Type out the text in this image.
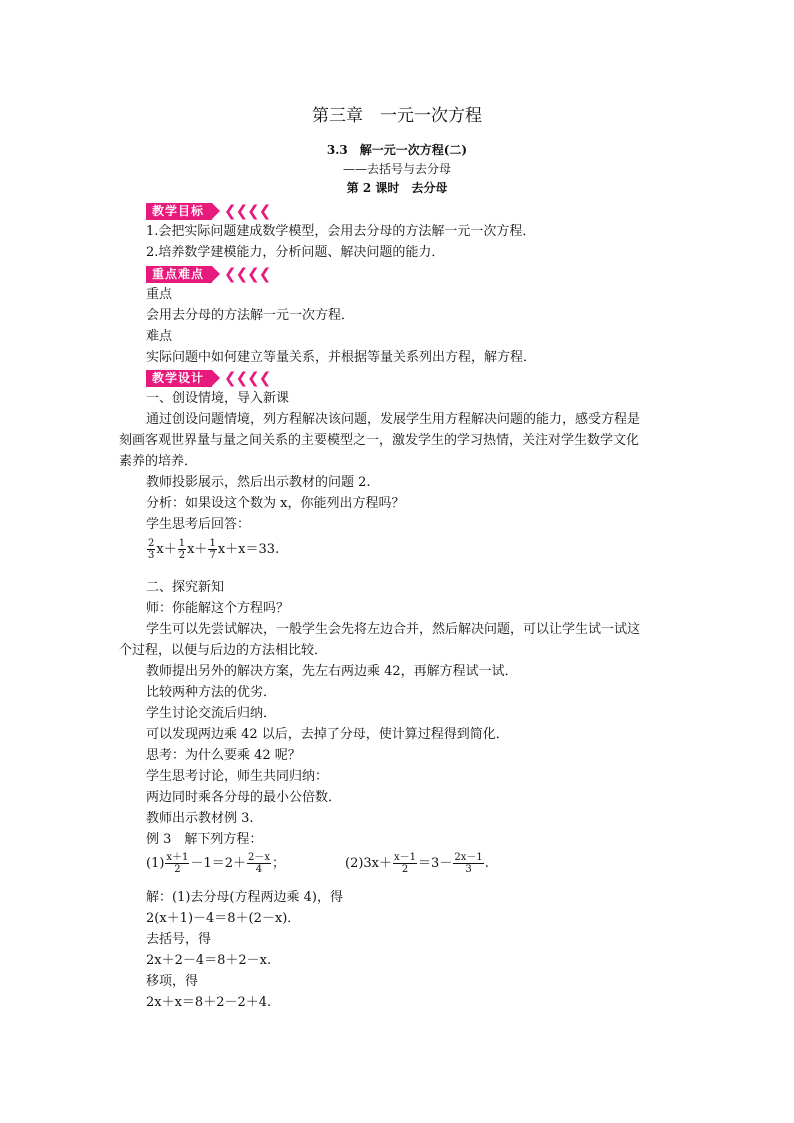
第三章　一元一次方程
3.3　解一元一次方程(二)
——去括号与去分母
第 2 课时　去分母
教学目标	❮❮❮❮
1.会把实际问题建成数学模型，会用去分母的方法解一元一次方程．
2.培养数学建模能力，分析问题、解决问题的能力．
重点难点	❮❮❮❮
重点
会用去分母的方法解一元一次方程．
难点
实际问题中如何建立等量关系，并根据等量关系列出方程，解方程．
教学设计	❮❮❮❮
一、创设情境，导入新课
通过创设问题情境，列方程解决该问题，发展学生用方程解决问题的能力，感受方程是
刻画客观世界量与量之间关系的主要模型之一，激发学生的学习热情，关注对学生数学文化
素养的培养．
教师投影展示，然后出示教材的问题 2.
分析：如果设这个数为 x，你能列出方程吗？
学生思考后回答：
$\frac{2}{3} x+ \frac{1}{2} x+ \frac{1}{7} x+x=33$.
二、探究新知
师：你能解这个方程吗？
学生可以先尝试解决，一般学生会先将左边合并，然后解决问题，可以让学生试一试这
个过程，以便与后边的方法相比较．
教师提出另外的解决方案，先左右两边乘 42，再解方程试一试．
比较两种方法的优劣．
学生讨论交流后归纳．
可以发现两边乘 42 以后，去掉了分母，使计算过程得到简化．
思考：为什么要乘 42 呢？
学生思考讨论，师生共同归纳：
两边同时乘各分母的最小公倍数．
教师出示教材例 3.
例 3　解下列方程：
$(1) \frac{x+1}{2} -1=2+ \frac{2-x}{4}$ ；	$(2)3x+ \frac{x-1}{2} =3- \frac{2x-1}{3}$ .
解：(1)去分母(方程两边乘 4)，得
2(x＋1)－4＝8＋(2－x)．
去括号，得
2x＋2－4＝8＋2－x.
移项，得
2x＋x＝8＋2－2＋4.
